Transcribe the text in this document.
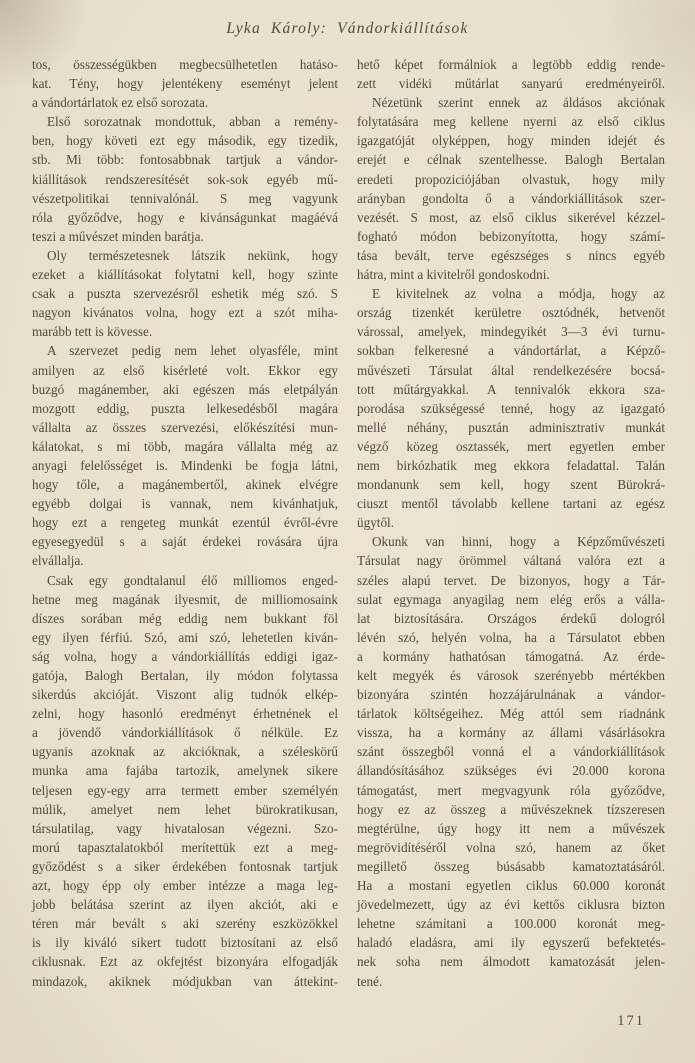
Lyka Károly: Vándorkiállítások
tos, összességükben megbecsülhetetlen hatáso-
kat. Tény, hogy jelentékeny eseményt jelent
a vándortárlatok ez első sorozata.
Első sorozatnak mondottuk, abban a remény-
ben, hogy követi ezt egy második, egy tizedik,
stb. Mi több: fontosabbnak tartjuk a vándor-
kiállítások rendszeresítését sok-sok egyéb mű-
vészetpolitikai tennivalónál. S meg vagyunk
róla győződve, hogy e kivánságunkat magáévá
teszi a művészet minden barátja.
Oly természetesnek látszik nekünk, hogy
ezeket a kiállításokat folytatni kell, hogy szinte
csak a puszta szervezésről eshetik még szó. S
nagyon kivánatos volna, hogy ezt a szót miha-
marább tett is kövesse.
A szervezet pedig nem lehet olyasféle, mint
amilyen az első kisérleté volt. Ekkor egy
buzgó magánember, aki egészen más eletpályán
mozgott eddig, puszta lelkesedésből magára
vállalta az összes szervezési, előkészítési mun-
kálatokat, s mi több, magára vállalta még az
anyagi felelősséget is. Mindenki be fogja látni,
hogy tőle, a magánembertől, akinek elvégre
egyébb dolgai is vannak, nem kivánhatjuk,
hogy ezt a rengeteg munkát ezentúl évről-évre
egyesegyedül s a saját érdekei rovására újra
elvállalja.
Csak egy gondtalanul élő milliomos enged-
hetne meg magának ilyesmit, de milliomosaink
díszes sorában még eddig nem bukkant föl
egy ilyen férfiú. Szó, ami szó, lehetetlen kiván-
ság volna, hogy a vándorkiállítás eddigi igaz-
gatója, Balogh Bertalan, ily módon folytassa
sikerdús akcióját. Viszont alig tudnók elkép-
zelni, hogy hasonló eredményt érhetnének el
a jövendő vándorkiállítások ő nélküle. Ez
ugyanis azoknak az akcióknak, a széleskörű
munka ama fajába tartozik, amelynek sikere
teljesen egy-egy arra termett ember személyén
múlik, amelyet nem lehet bürokratikusan,
társulatilag, vagy hivatalosan végezni. Szo-
morú tapasztalatokból merítettük ezt a meg-
győződést s a siker érdekében fontosnak tartjuk
azt, hogy épp oly ember intézze a maga leg-
jobb belátása szerint az ilyen akciót, aki e
téren már bevált s aki szerény eszközökkel
is ily kiváló sikert tudott biztosítani az első
ciklusnak. Ezt az okfejtést bizonyára elfogadják
mindazok, akiknek módjukban van áttekint-
hető képet formálniok a legtöbb eddig rende-
zett vidéki műtárlat sanyarú eredményeiről.
Nézetünk szerint ennek az áldásos akciónak
folytatására meg kellene nyerni az első ciklus
igazgatóját olyképpen, hogy minden idejét és
erejét e célnak szentelhesse. Balogh Bertalan
eredeti propoziciójában olvastuk, hogy mily
arányban gondolta ő a vándorkiállitások szer-
vezését. S most, az első ciklus sikerével kézzel-
fogható módon bebizonyította, hogy számí-
tása bevált, terve egészséges s nincs egyéb
hátra, mint a kivitelről gondoskodni.
E kivitelnek az volna a módja, hogy az
ország tizenkét kerületre osztódnék, hetvenöt
várossal, amelyek, mindegyikét 3—3 évi turnu-
sokban felkeresné a vándortárlat, a Képző-
művészeti Társulat által rendelkezésére bocsá-
tott műtárgyakkal. A tennivalók ekkora sza-
porodása szükségessé tenné, hogy az igazgató
mellé néhány, pusztán adminisztrativ munkát
végző közeg osztassék, mert egyetlen ember
nem birkózhatik meg ekkora feladattal. Talán
mondanunk sem kell, hogy szent Bürokrá-
ciuszt mentől távolabb kellene tartani az egész
ügytől.
Okunk van hinni, hogy a Képzőművészeti
Társulat nagy örömmel váltaná valóra ezt a
széles alapú tervet. De bizonyos, hogy a Tár-
sulat egymaga anyagilag nem elég erős a válla-
lat biztosítására. Országos érdekű dologról
lévén szó, helyén volna, ha a Társulatot ebben
a kormány hathatósan támogatná. Az érde-
kelt megyék és városok szerényebb mértékben
bizonyára szintén hozzájárulnának a vándor-
tárlatok költségeihez. Még attól sem riadnánk
vissza, ha a kormány az állami vásárlásokra
szánt összegből vonná el a vándorkiállítások
állandósításához szükséges évi 20.000 korona
támogatást, mert megvagyunk róla győződve,
hogy ez az összeg a művészeknek tízszeresen
megtérülne, úgy hogy itt nem a művészek
megrövidítéséről volna szó, hanem az őket
megillető összeg búsásabb kamatoztatásáról.
Ha a mostani egyetlen ciklus 60.000 koronát
jövedelmezett, úgy az évi kettős ciklusra bizton
lehetne számítani a 100.000 koronát meg-
haladó eladásra, ami ily egyszerű befektetés-
nek soha nem álmodott kamatozását jelen-
tené.
171
